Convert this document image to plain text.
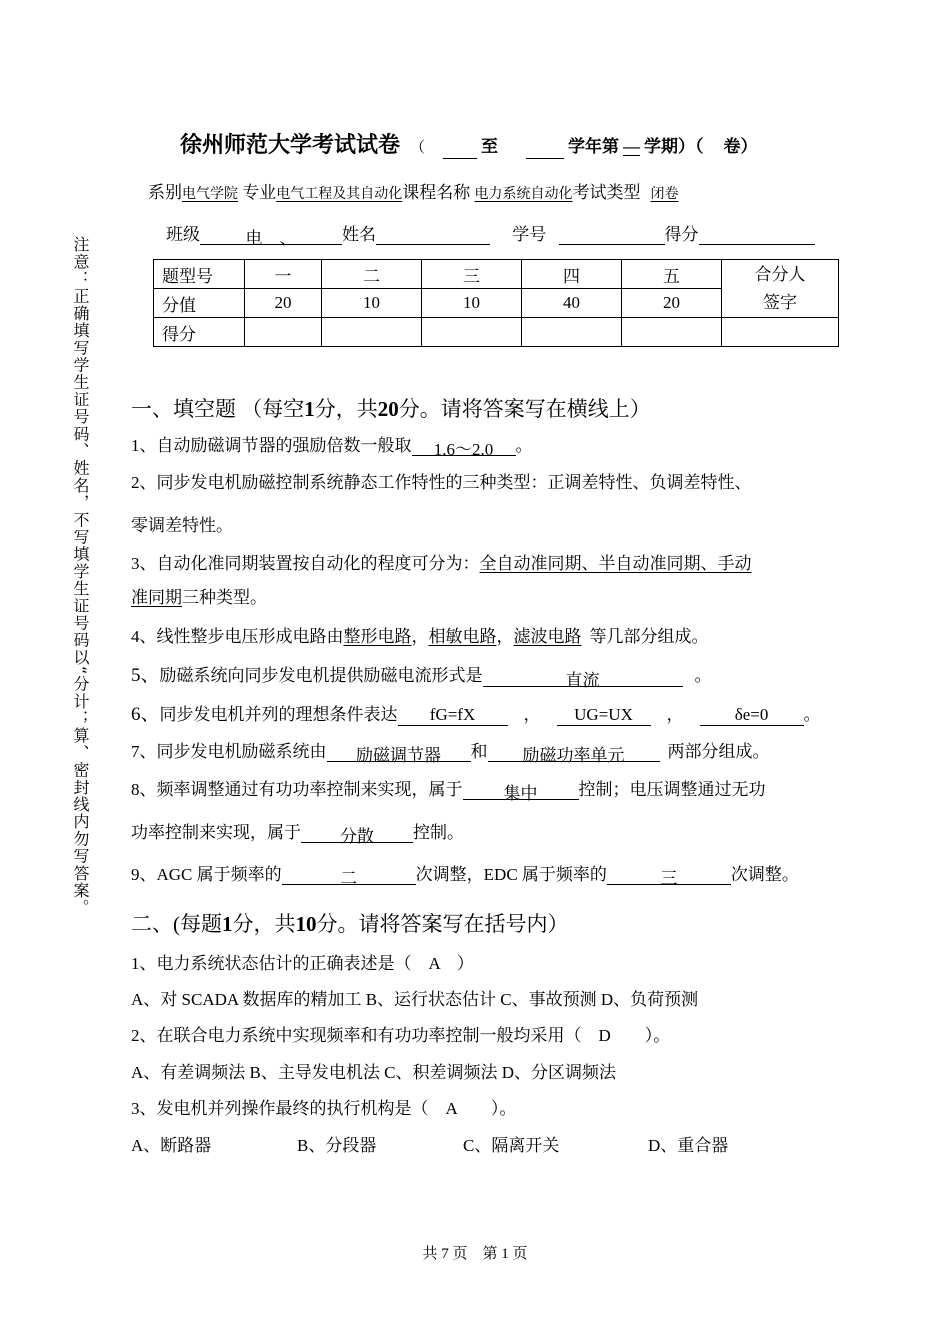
注意：正确填写学生证号码、姓名，不写填学生证号码以“分计；算、密封线内勿写答案。
徐州师范大学考试试卷 （	至	学年第 — 学期）（ 卷）
系别电气学院 专业电气工程及其自动化课程名称 电力系统自动化考试类型 闭卷
班级	电　、	姓名	学号	得分
题型号	一	二	三	四	五	合分人
签字

分值	20	10	10	40	20	
得分						
一、填空题 （每空1分，共20分。请将答案写在横线上）
1、自动励磁调节器的强励倍数一般取 1.6～2.0 。
2、同步发电机励磁控制系统静态工作特性的三种类型：正调差特性、负调差特性、
零调差特性。
3、自动化准同期装置按自动化的程度可分为：全自动准同期、半自动准同期、手动
准同期三种类型。
4、线性整步电压形成电路由整形电路，相敏电路，滤波电路 等几部分组成。
5、励磁系统向同步发电机提供励磁电流形式是	直流	。
6、同步发电机并列的理想条件表达 fG=fX	， UG=UX ，	δe=0 。
7、同步发电机励磁系统由 励磁调节器 和 励磁功率单元	两部分组成。
8、频率调整通过有功功率控制来实现，属于 集中 控制；电压调整通过无功
功率控制来实现，属于 分散 控制。
9、AGC 属于频率的	二	次调整，EDC 属于频率的	三	次调整。
二、(每题1分，共10分。请将答案写在括号内）
1、电力系统状态估计的正确表述是（　A　）
A、对 SCADA 数据库的精加工 B、运行状态估计 C、事故预测 D、负荷预测
2、在联合电力系统中实现频率和有功功率控制一般均采用（　D　　）。
A、有差调频法 B、主导发电机法 C、积差调频法 D、分区调频法
3、发电机并列操作最终的执行机构是（　A　　）。
A、断路器	B、分段器	C、隔离开关	D、重合器
共 7 页　第 1 页
